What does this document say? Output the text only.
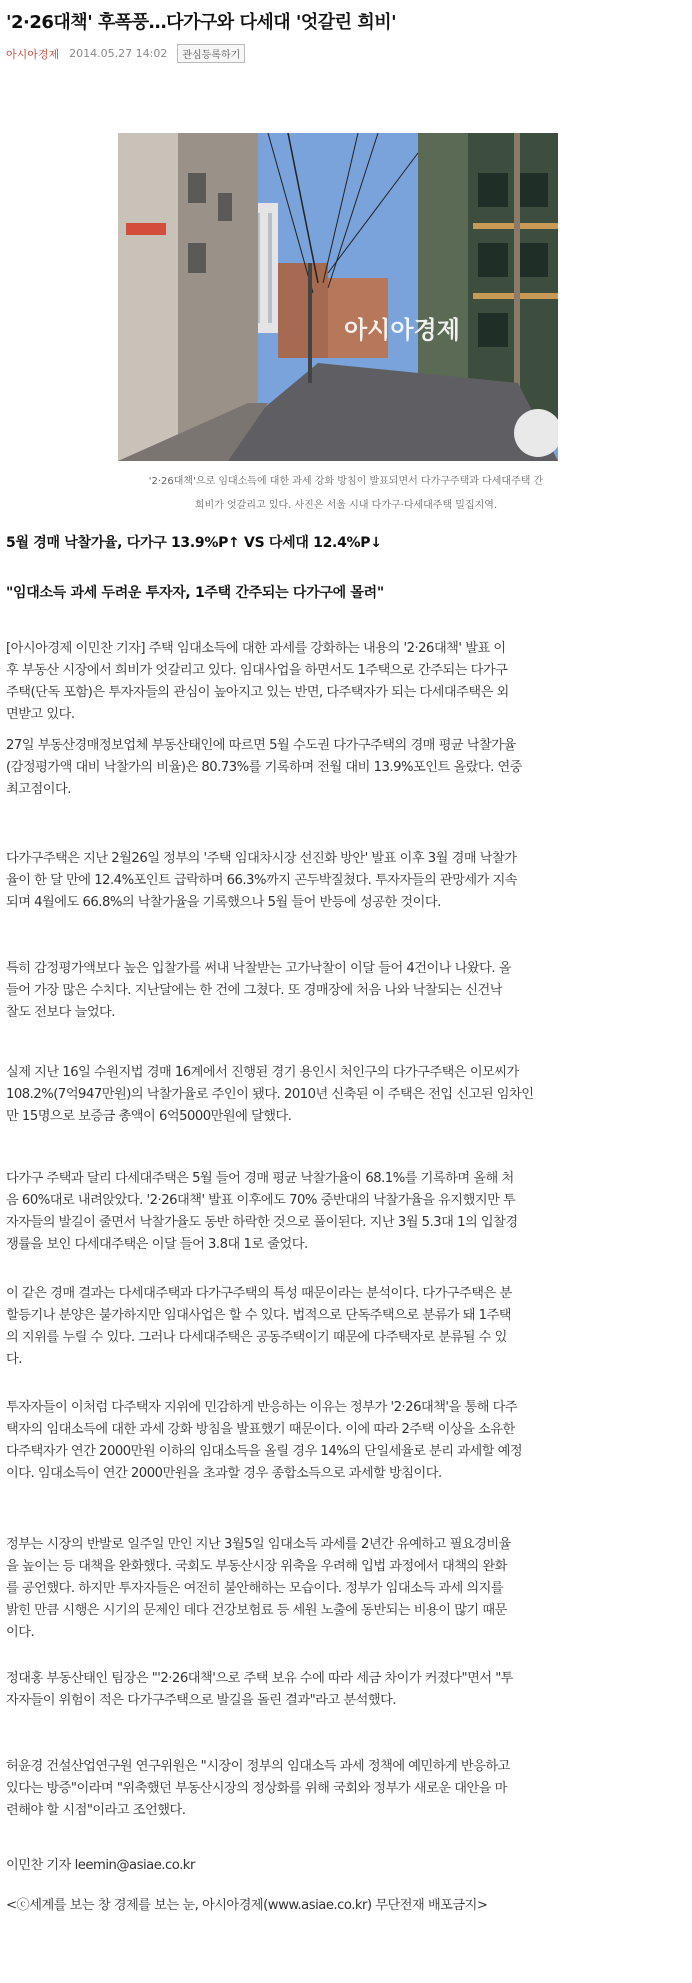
'2·26대책' 후폭풍…다가구와 다세대 '엇갈린 희비'
아시아경제 2014.05.27 14:02	관심등록하기
아시아경제
'2·26대책'으로 임대소득에 대한 과세 강화 방침이 발표되면서 다가구주택과 다세대주택 간
희비가 엇갈리고 있다. 사진은 서울 시내 다가구·다세대주택 밀집지역.
5월 경매 낙찰가율, 다가구 13.9%P↑ VS 다세대 12.4%P↓
"임대소득 과세 두려운 투자자, 1주택 간주되는 다가구에 몰려"

[아시아경제 이민찬 기자] 주택 임대소득에 대한 과세를 강화하는 내용의 '2·26대책' 발표 이
후 부동산 시장에서 희비가 엇갈리고 있다. 임대사업을 하면서도 1주택으로 간주되는 다가구
주택(단독 포함)은 투자자들의 관심이 높아지고 있는 반면, 다주택자가 되는 다세대주택은 외
면받고 있다.

27일 부동산경매정보업체 부동산태인에 따르면 5월 수도권 다가구주택의 경매 평균 낙찰가율
(감정평가액 대비 낙찰가의 비율)은 80.73%를 기록하며 전월 대비 13.9%포인트 올랐다. 연중
최고점이다.

다가구주택은 지난 2월26일 정부의 '주택 임대차시장 선진화 방안' 발표 이후 3월 경매 낙찰가
율이 한 달 만에 12.4%포인트 급락하며 66.3%까지 곤두박질쳤다. 투자자들의 관망세가 지속
되며 4월에도 66.8%의 낙찰가율을 기록했으나 5월 들어 반등에 성공한 것이다.

특히 감정평가액보다 높은 입찰가를 써내 낙찰받는 고가낙찰이 이달 들어 4건이나 나왔다. 올
들어 가장 많은 수치다. 지난달에는 한 건에 그쳤다. 또 경매장에 처음 나와 낙찰되는 신건낙
찰도 전보다 늘었다.

실제 지난 16일 수원지법 경매 16계에서 진행된 경기 용인시 처인구의 다가구주택은 이모씨가
108.2%(7억947만원)의 낙찰가율로 주인이 됐다. 2010년 신축된 이 주택은 전입 신고된 임차인
만 15명으로 보증금 총액이 6억5000만원에 달했다.

다가구 주택과 달리 다세대주택은 5월 들어 경매 평균 낙찰가율이 68.1%를 기록하며 올해 처
음 60%대로 내려앉았다. '2·26대책' 발표 이후에도 70% 중반대의 낙찰가율을 유지했지만 투
자자들의 발길이 줄면서 낙찰가율도 동반 하락한 것으로 풀이된다. 지난 3월 5.3대 1의 입찰경
쟁률을 보인 다세대주택은 이달 들어 3.8대 1로 줄었다.

이 같은 경매 결과는 다세대주택과 다가구주택의 특성 때문이라는 분석이다. 다가구주택은 분
할등기나 분양은 불가하지만 임대사업은 할 수 있다. 법적으로 단독주택으로 분류가 돼 1주택
의 지위를 누릴 수 있다. 그러나 다세대주택은 공동주택이기 때문에 다주택자로 분류될 수 있
다.

투자자들이 이처럼 다주택자 지위에 민감하게 반응하는 이유는 정부가 '2·26대책'을 통해 다주
택자의 임대소득에 대한 과세 강화 방침을 발표했기 때문이다. 이에 따라 2주택 이상을 소유한
다주택자가 연간 2000만원 이하의 임대소득을 올릴 경우 14%의 단일세율로 분리 과세할 예정
이다. 임대소득이 연간 2000만원을 초과할 경우 종합소득으로 과세할 방침이다.

정부는 시장의 반발로 일주일 만인 지난 3월5일 임대소득 과세를 2년간 유예하고 필요경비율
을 높이는 등 대책을 완화했다. 국회도 부동산시장 위축을 우려해 입법 과정에서 대책의 완화
를 공언했다. 하지만 투자자들은 여전히 불안해하는 모습이다. 정부가 임대소득 과세 의지를
밝힌 만큼 시행은 시기의 문제인 데다 건강보험료 등 세원 노출에 동반되는 비용이 많기 때문
이다.

정대홍 부동산태인 팀장은 "'2·26대책'으로 주택 보유 수에 따라 세금 차이가 커졌다"면서 "투
자자들이 위험이 적은 다가구주택으로 발길을 돌린 결과"라고 분석했다.

허윤경 건설산업연구원 연구위원은 "시장이 정부의 임대소득 과세 정책에 예민하게 반응하고
있다는 방증"이라며 "위축했던 부동산시장의 정상화를 위해 국회와 정부가 새로운 대안을 마
련해야 할 시점"이라고 조언했다.

이민찬 기자 leemin@asiae.co.kr

<ⓒ세계를 보는 창 경제를 보는 눈, 아시아경제(www.asiae.co.kr) 무단전재 배포금지>
